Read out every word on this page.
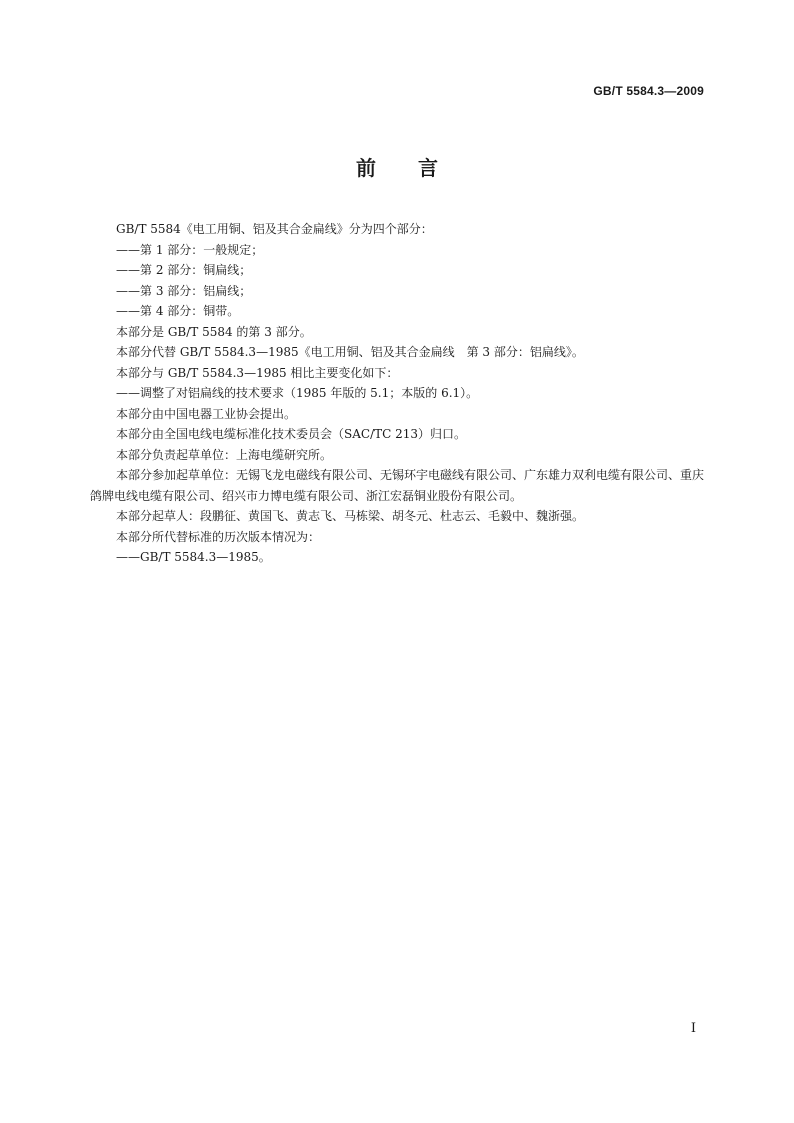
GB/T 5584.3—2009
前 言

GB/T 5584《电工用铜、铝及其合金扁线》分为四个部分：

——第 1 部分：一般规定；

——第 2 部分：铜扁线；

——第 3 部分：铝扁线；

——第 4 部分：铜带。

本部分是 GB/T 5584 的第 3 部分。

本部分代替 GB/T 5584.3—1985《电工用铜、铝及其合金扁线　第 3 部分：铝扁线》。

本部分与 GB/T 5584.3—1985 相比主要变化如下：

——调整了对铝扁线的技术要求（1985 年版的 5.1；本版的 6.1）。

本部分由中国电器工业协会提出。

本部分由全国电线电缆标准化技术委员会（SAC/TC 213）归口。

本部分负责起草单位：上海电缆研究所。

本部分参加起草单位：无锡飞龙电磁线有限公司、无锡环宇电磁线有限公司、广东雄力双利电缆有限公司、重庆鸽牌电线电缆有限公司、绍兴市力博电缆有限公司、浙江宏磊铜业股份有限公司。

本部分起草人：段鹏征、黄国飞、黄志飞、马栋梁、胡冬元、杜志云、毛毅中、魏浙强。

本部分所代替标准的历次版本情况为：

——GB/T 5584.3—1985。

I
